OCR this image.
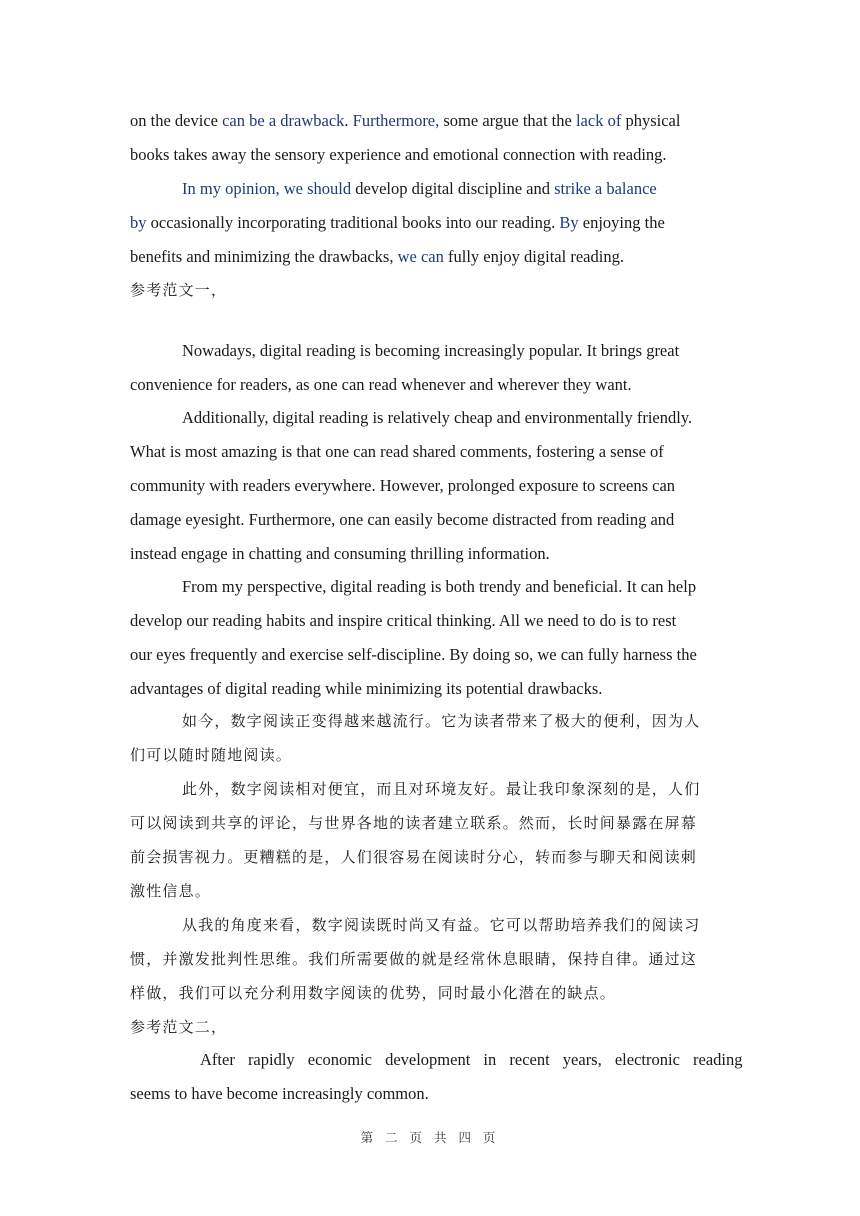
on the device can be a drawback. Furthermore, some argue that the lack of physical
books takes away the sensory experience and emotional connection with reading.
In my opinion, we should develop digital discipline and strike a balance
by occasionally incorporating traditional books into our reading. By enjoying the
benefits and minimizing the drawbacks, we can fully enjoy digital reading.
参考范文一，
Nowadays, digital reading is becoming increasingly popular. It brings great
convenience for readers, as one can read whenever and wherever they want.
Additionally, digital reading is relatively cheap and environmentally friendly.
What is most amazing is that one can read shared comments, fostering a sense of
community with readers everywhere. However, prolonged exposure to screens can
damage eyesight. Furthermore, one can easily become distracted from reading and
instead engage in chatting and consuming thrilling information.
From my perspective, digital reading is both trendy and beneficial. It can help
develop our reading habits and inspire critical thinking. All we need to do is to rest
our eyes frequently and exercise self-discipline. By doing so, we can fully harness the
advantages of digital reading while minimizing its potential drawbacks.
如今，数字阅读正变得越来越流行。它为读者带来了极大的便利，因为人
们可以随时随地阅读。
此外，数字阅读相对便宜，而且对环境友好。最让我印象深刻的是，人们
可以阅读到共享的评论，与世界各地的读者建立联系。然而，长时间暴露在屏幕
前会损害视力。更糟糕的是，人们很容易在阅读时分心，转而参与聊天和阅读刺
激性信息。
从我的角度来看，数字阅读既时尚又有益。它可以帮助培养我们的阅读习
惯，并激发批判性思维。我们所需要做的就是经常休息眼睛，保持自律。通过这
样做，我们可以充分利用数字阅读的优势，同时最小化潜在的缺点。
参考范文二，
After rapidly economic development in recent years, electronic reading
seems to have become increasingly common.
第 二 页 共 四 页
